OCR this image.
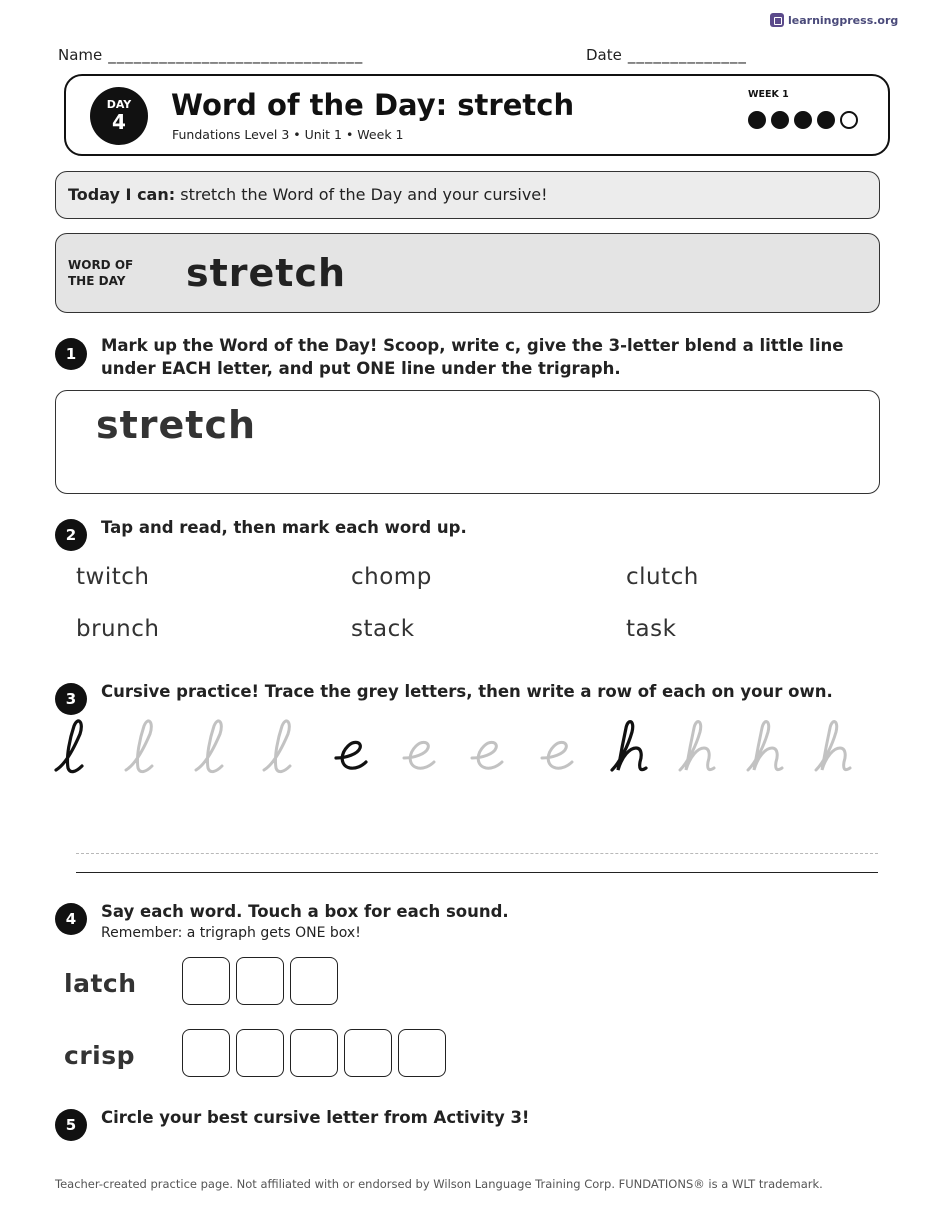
learningpress.org
Name ______________________________	Date ______________
DAY
4	Word of the Day: stretch
Fundations Level 3 • Unit 1 • Week 1
WEEK 1
Today I can: stretch the Word of the Day and your cursive!
WORD OF THE DAY	stretch
1	Mark up the Word of the Day! Scoop, write c, give the 3-letter blend a little line under EACH letter, and put ONE line under the trigraph.
stretch
2	Tap and read, then mark each word up.
twitch	chomp	clutch
brunch	stack	task
3	Cursive practice! Trace the grey letters, then write a row of each on your own.
4	Say each word. Touch a box for each sound.
Remember: a trigraph gets ONE box!
latch
crisp
5	Circle your best cursive letter from Activity 3!
Teacher-created practice page. Not affiliated with or endorsed by Wilson Language Training Corp. FUNDATIONS® is a WLT trademark.
